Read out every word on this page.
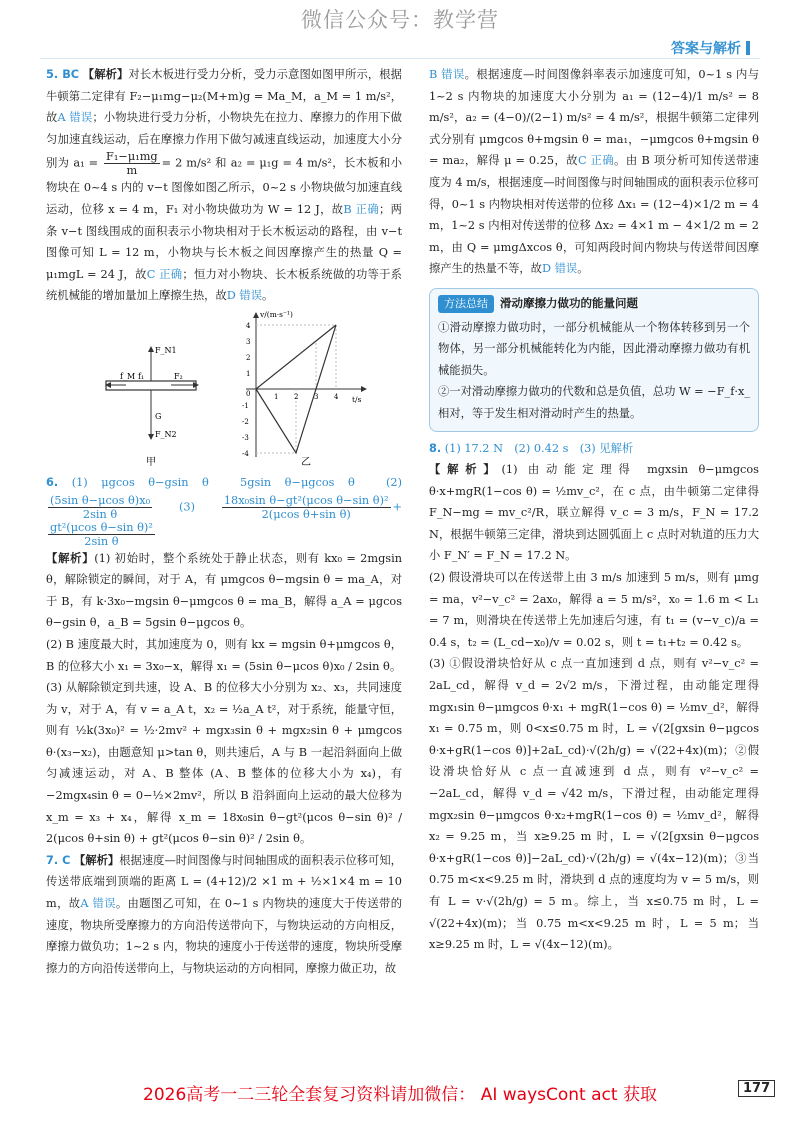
微信公众号：教学营
答案与解析

5. BC 【解析】对长木板进行受力分析，受力示意图如图甲所示，根据牛顿第二定律有 F₂−μ₁mg−μ₂(M+m)g = Ma_M，a_M = 1 m/s²，故A 错误；小物块进行受力分析，小物块先在拉力、摩擦力的作用下做匀加速直线运动，后在摩擦力作用下做匀减速直线运动，加速度大小分别为 $a_1 = \frac{\text{F₁−μ₁mg}}{m} = 2$ m/s² 和 a₂ = μ₁g = 4 m/s²，长木板和小物块在 0~4 s 内的 v−t 图像如图乙所示，0~2 s 小物块做匀加速直线运动，位移 x = 4 m，F₁ 对小物块做功为 W = 12 J，故B 正确；两条 v−t 图线围成的面积表示小物块相对于长木板运动的路程，由 v−t 图像可知 L = 12 m，小物块与长木板之间因摩擦产生的热量 Q = μ₁mgL = 24 J，故C 正确；恒力对小物块、长木板系统做的功等于系统机械能的增加量加上摩擦生热，故D 错误。

F_N1
f_M f₁	F₂
G
F_N2
甲
v/(m·s⁻¹)
t/s
4
3
2
1
0
-1
-2
-3
-4
1 2 3 4
乙

6. (1) μgcos θ−gsin θ　5gsin θ−μgcos θ　(2)
$\frac{\text{(5sin θ−μcos θ)x₀}}{\text{2sin θ}} (3) \frac{\text{18x₀sin θ−gt²(μcos θ−sin θ)²}}{\text{2(μcos θ+sin θ)}}$ +
$\frac{\text{gt²(μcos θ−sin θ)²}}{\text{2sin θ}}$

【解析】(1) 初始时，整个系统处于静止状态，则有 kx₀ = 2mgsin θ，解除锁定的瞬间，对于 A，有 μmgcos θ−mgsin θ = ma_A，对于 B，有 k·3x₀−mgsin θ−μmgcos θ = ma_B，解得 a_A = μgcos θ−gsin θ，a_B = 5gsin θ−μgcos θ。

(2) B 速度最大时，其加速度为 0，则有 kx = mgsin θ+μmgcos θ，B 的位移大小 x₁ = 3x₀−x，解得 x₁ = (5sin θ−μcos θ)x₀ / 2sin θ。

(3) 从解除锁定到共速，设 A、B 的位移大小分别为 x₂、x₃，共同速度为 v，对于 A，有 v = a_A t，x₂ = ½a_A t²，对于系统，能量守恒，则有 ½k(3x₀)² = ½·2mv² + mgx₃sin θ + mgx₂sin θ + μmgcos θ·(x₃−x₂)，由题意知 μ>tan θ，则共速后，A 与 B 一起沿斜面向上做匀减速运动，对 A、B 整体 (A、B 整体的位移大小为 x₄)，有 −2mgx₄sin θ = 0−½×2mv²，所以 B 沿斜面向上运动的最大位移为 x_m = x₃ + x₄，解得 x_m = 18x₀sin θ−gt²(μcos θ−sin θ)² / 2(μcos θ+sin θ) + gt²(μcos θ−sin θ)² / 2sin θ。

7. C 【解析】根据速度—时间图像与时间轴围成的面积表示位移可知，传送带底端到顶端的距离 L = (4+12)/2 ×1 m + ½×1×4 m = 10 m，故A 错误。由题图乙可知，在 0~1 s 内物块的速度大于传送带的速度，物块所受摩擦力的方向沿传送带向下，与物块运动的方向相反，摩擦力做负功；1~2 s 内，物块的速度小于传送带的速度，物块所受摩擦力的方向沿传送带向上，与物块运动的方向相同，摩擦力做正功，故

B 错误。根据速度—时间图像斜率表示加速度可知，0~1 s 内与 1~2 s 内物块的加速度大小分别为 a₁ = (12−4)/1 m/s² = 8 m/s²，a₂ = (4−0)/(2−1) m/s² = 4 m/s²，根据牛顿第二定律列式分别有 μmgcos θ+mgsin θ = ma₁，−μmgcos θ+mgsin θ = ma₂，解得 μ = 0.25，故C 正确。由 B 项分析可知传送带速度为 4 m/s，根据速度—时间图像与时间轴围成的面积表示位移可得，0~1 s 内物块相对传送带的位移 Δx₁ = (12−4)×1/2 m = 4 m，1~2 s 内相对传送带的位移 Δx₂ = 4×1 m − 4×1/2 m = 2 m，由 Q = μmgΔxcos θ，可知两段时间内物块与传送带间因摩擦产生的热量不等，故D 错误。

方法总结 滑动摩擦力做功的能量问题

①滑动摩擦力做功时，一部分机械能从一个物体转移到另一个物体，另一部分机械能转化为内能，因此滑动摩擦力做功有机械能损失。

②一对滑动摩擦力做功的代数和总是负值，总功 W = −F_f·x_相对，等于发生相对滑动时产生的热量。

8. (1) 17.2 N　(2) 0.42 s　(3) 见解析

【解析】(1) 由动能定理得 mgxsin θ−μmgcos θ·x+mgR(1−cos θ) = ½mv_c²，在 c 点，由牛顿第二定律得 F_N−mg = mv_c²/R，联立解得 v_c = 3 m/s，F_N = 17.2 N，根据牛顿第三定律，滑块到达圆弧面上 c 点时对轨道的压力大小 F_N′ = F_N = 17.2 N。

(2) 假设滑块可以在传送带上由 3 m/s 加速到 5 m/s，则有 μmg = ma，v²−v_c² = 2ax₀，解得 a = 5 m/s²，x₀ = 1.6 m < L₁ = 7 m，则滑块在传送带上先加速后匀速，有 t₁ = (v−v_c)/a = 0.4 s，t₂ = (L_cd−x₀)/v = 0.02 s，则 t = t₁+t₂ = 0.42 s。

(3) ①假设滑块恰好从 c 点一直加速到 d 点，则有 v²−v_c² = 2aL_cd，解得 v_d = 2√2 m/s，下滑过程，由动能定理得 mgx₁sin θ−μmgcos θ·x₁ + mgR(1−cos θ) = ½mv_d²，解得 x₁ = 0.75 m，则 0<x≤0.75 m 时，L = √(2[gxsin θ−μgcos θ·x+gR(1−cos θ)]+2aL_cd)·√(2h/g) = √(22+4x)(m)；②假设滑块恰好从 c 点一直减速到 d 点，则有 v²−v_c² = −2aL_cd，解得 v_d = √42 m/s，下滑过程，由动能定理得 mgx₂sin θ−μmgcos θ·x₂+mgR(1−cos θ) = ½mv_d²，解得 x₂ = 9.25 m，当 x≥9.25 m 时，L = √(2[gxsin θ−μgcos θ·x+gR(1−cos θ)]−2aL_cd)·√(2h/g) = √(4x−12)(m)；③当 0.75 m<x<9.25 m 时，滑块到 d 点的速度均为 v = 5 m/s，则有 L = v·√(2h/g) = 5 m。综上，当 x≤0.75 m 时，L = √(22+4x)(m)；当 0.75 m<x<9.25 m 时，L = 5 m；当 x≥9.25 m 时，L = √(4x−12)(m)。

2026高考一二三轮全套复习资料请加微信： AI waysCont act 获取	177
